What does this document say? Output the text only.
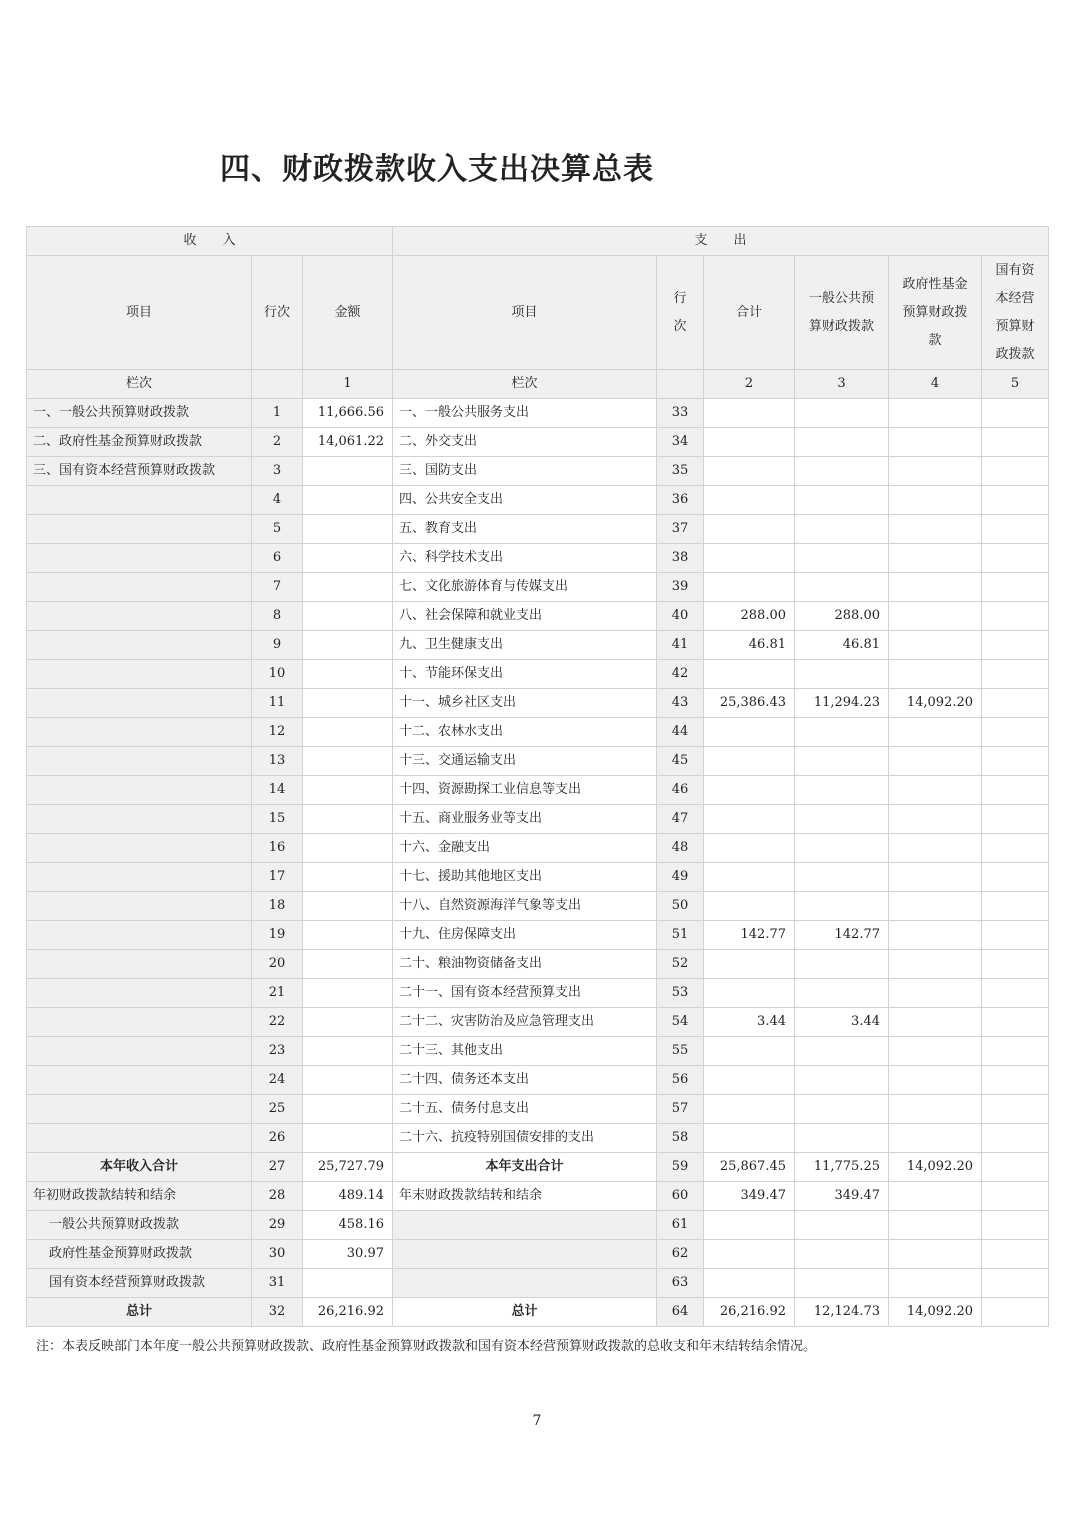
四、财政拨款收入支出决算总表
收　　入			支　　出					
项目	行次	金额	项目	行次	合计	一般公共预算财政拨款	政府性基金预算财政拨款	国有资本经营预算财政拨款
栏次		1	栏次		2	3	4	5
一、一般公共预算财政拨款	1	11,666.56	一、一般公共服务支出	33				
二、政府性基金预算财政拨款	2	14,061.22	二、外交支出	34				
三、国有资本经营预算财政拨款	3		三、国防支出	35				
	4		四、公共安全支出	36				
	5		五、教育支出	37				
	6		六、科学技术支出	38				
	7		七、文化旅游体育与传媒支出	39				
	8		八、社会保障和就业支出	40	288.00	288.00		
	9		九、卫生健康支出	41	46.81	46.81		
	10		十、节能环保支出	42				
	11		十一、城乡社区支出	43	25,386.43	11,294.23	14,092.20	
	12		十二、农林水支出	44				
	13		十三、交通运输支出	45				
	14		十四、资源勘探工业信息等支出	46				
	15		十五、商业服务业等支出	47				
	16		十六、金融支出	48				
	17		十七、援助其他地区支出	49				
	18		十八、自然资源海洋气象等支出	50				
	19		十九、住房保障支出	51	142.77	142.77		
	20		二十、粮油物资储备支出	52				
	21		二十一、国有资本经营预算支出	53				
	22		二十二、灾害防治及应急管理支出	54	3.44	3.44		
	23		二十三、其他支出	55				
	24		二十四、债务还本支出	56				
	25		二十五、债务付息支出	57				
	26		二十六、抗疫特别国债安排的支出	58				
本年收入合计	27	25,727.79	本年支出合计	59	25,867.45	11,775.25	14,092.20	
年初财政拨款结转和结余	28	489.14	年末财政拨款结转和结余	60	349.47	349.47		
一般公共预算财政拨款	29	458.16		61				
政府性基金预算财政拨款	30	30.97		62				
国有资本经营预算财政拨款	31			63				
总计	32	26,216.92	总计	64	26,216.92	12,124.73	14,092.20	

注：本表反映部门本年度一般公共预算财政拨款、政府性基金预算财政拨款和国有资本经营预算财政拨款的总收支和年末结转结余情况。

7
